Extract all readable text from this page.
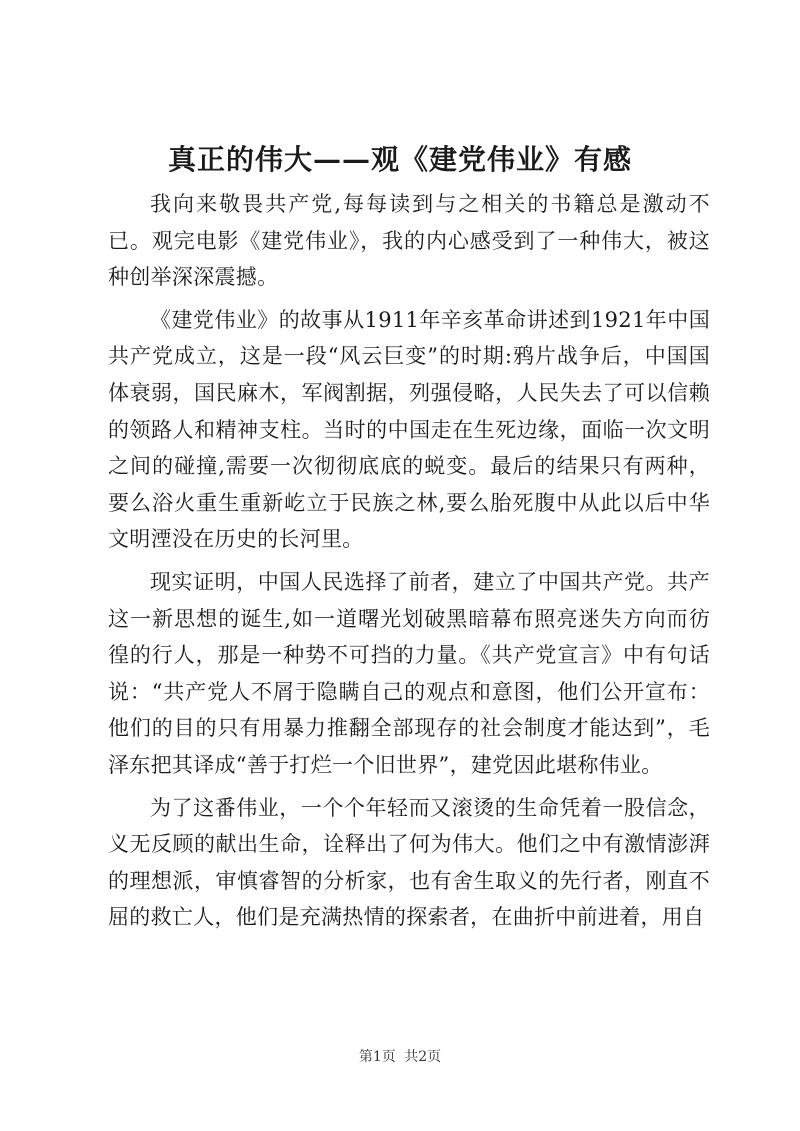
真正的伟大——观《建党伟业》有感

我向来敬畏共产党,每每读到与之相关的书籍总是激动不已。观完电影《建党伟业》，我的内心感受到了一种伟大，被这种创举深深震撼。

《建党伟业》的故事从1911年辛亥革命讲述到1921年中国共产党成立，这是一段“风云巨变”的时期:鸦片战争后，中国国体衰弱，国民麻木，军阀割据，列强侵略，人民失去了可以信赖的领路人和精神支柱。当时的中国走在生死边缘，面临一次文明之间的碰撞,需要一次彻彻底底的蜕变。最后的结果只有两种，要么浴火重生重新屹立于民族之林,要么胎死腹中从此以后中华文明湮没在历史的长河里。

现实证明，中国人民选择了前者，建立了中国共产党。共产这一新思想的诞生,如一道曙光划破黑暗幕布照亮迷失方向而彷徨的行人，那是一种势不可挡的力量。《共产党宣言》中有句话说：“共产党人不屑于隐瞒自己的观点和意图，他们公开宣布：他们的目的只有用暴力推翻全部现存的社会制度才能达到”，毛泽东把其译成“善于打烂一个旧世界”，建党因此堪称伟业。

为了这番伟业，一个个年轻而又滚烫的生命凭着一股信念，义无反顾的献出生命，诠释出了何为伟大。他们之中有激情澎湃的理想派，审慎睿智的分析家，也有舍生取义的先行者，刚直不屈的救亡人，他们是充满热情的探索者，在曲折中前进着，用自

第1页 共2页
